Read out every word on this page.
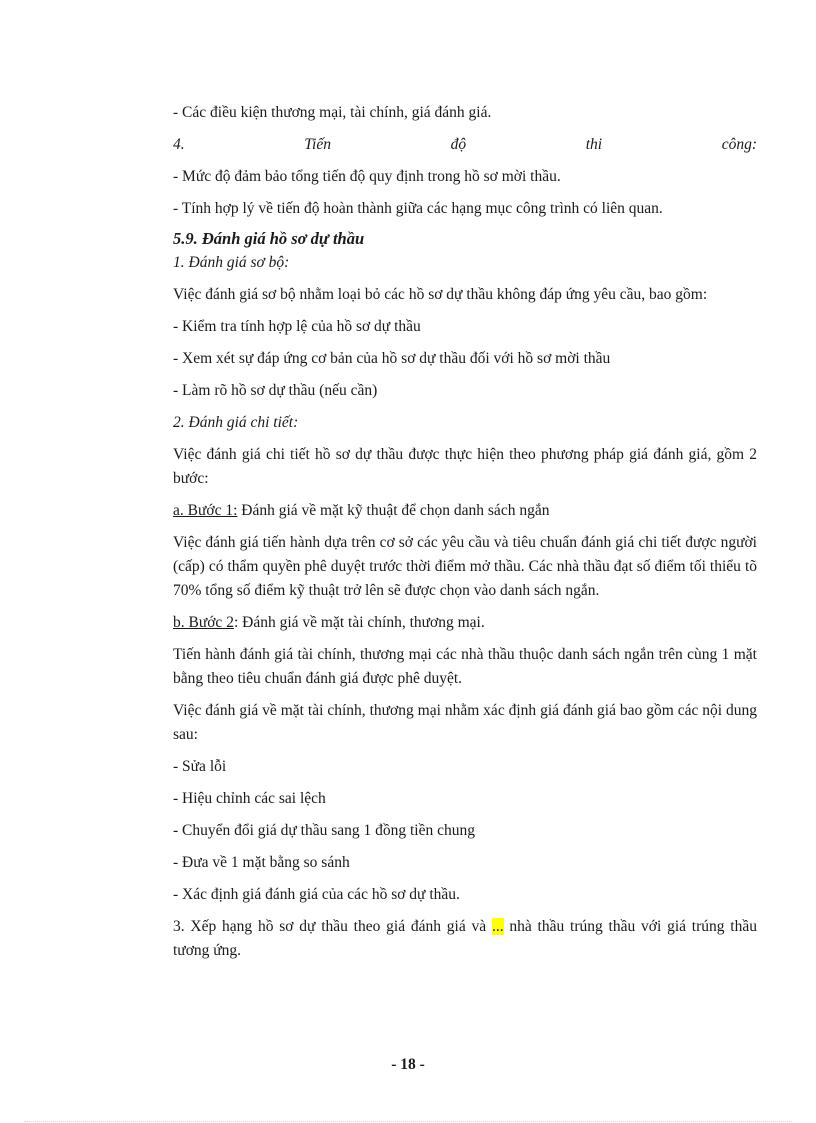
- Các điều kiện thương mại, tài chính, giá đánh giá.

4.	Tiến	độ	thi	công:

- Mức độ đảm bảo tổng tiến độ quy định trong hồ sơ mời thầu.

- Tính hợp lý về tiến độ hoàn thành giữa các hạng mục công trình có liên quan.

5.9. Đánh giá hồ sơ dự thầu

1. Đánh giá sơ bộ:

Việc đánh giá sơ bộ nhằm loại bỏ các hồ sơ dự thầu không đáp ứng yêu cầu, bao gồm:

- Kiểm tra tính hợp lệ của hồ sơ dự thầu

- Xem xét sự đáp ứng cơ bản của hồ sơ dự thầu đối với hồ sơ mời thầu

- Làm rõ hồ sơ dự thầu (nếu cần)

2. Đánh giá chi tiết:

Việc đánh giá chi tiết hồ sơ dự thầu được thực hiện theo phương pháp giá đánh giá, gồm 2 bước:

a. Bước 1: Đánh giá về mặt kỹ thuật để chọn danh sách ngắn

Việc đánh giá tiến hành dựa trên cơ sở các yêu cầu và tiêu chuẩn đánh giá chi tiết được người (cấp) có thẩm quyền phê duyệt trước thời điểm mở thầu. Các nhà thầu đạt số điểm tối thiểu tõ 70% tổng số điểm kỹ thuật trở lên sẽ được chọn vào danh sách ngắn.

b. Bước 2: Đánh giá về mặt tài chính, thương mại.

Tiến hành đánh giá tài chính, thương mại các nhà thầu thuộc danh sách ngắn trên cùng 1 mặt bằng theo tiêu chuẩn đánh giá được phê duyệt.

Việc đánh giá về mặt tài chính, thương mại nhằm xác định giá đánh giá bao gồm các nội dung sau:

- Sửa lỗi

- Hiệu chỉnh các sai lệch

- Chuyển đổi giá dự thầu sang 1 đồng tiền chung

- Đưa về 1 mặt bằng so sánh

- Xác định giá đánh giá của các hồ sơ dự thầu.

3. Xếp hạng hồ sơ dự thầu theo giá đánh giá và ... nhà thầu trúng thầu với giá trúng thầu tương ứng.

- 18 -
